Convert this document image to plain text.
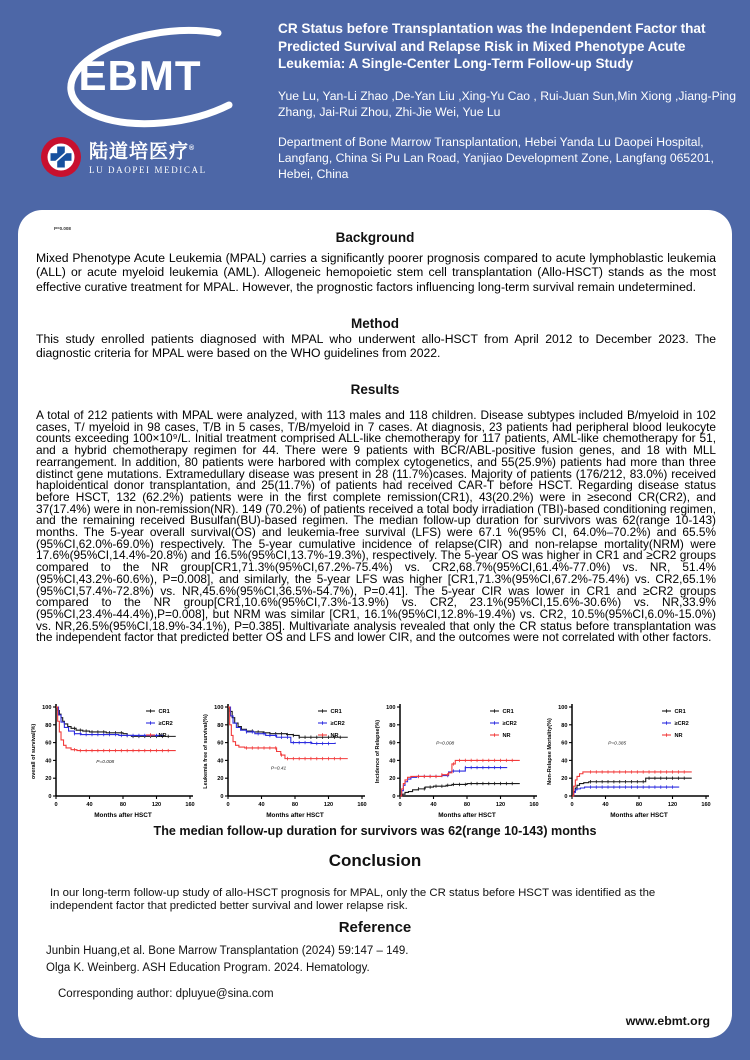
EBMT
陆道培医疗®
LU DAOPEI MEDICAL
CR Status before Transplantation was the Independent Factor that Predicted Survival and Relapse Risk in Mixed Phenotype Acute Leukemia: A Single-Center Long-Term Follow-up Study
Yue Lu, Yan-Li Zhao ,De-Yan Liu ,Xing-Yu Cao , Rui-Juan Sun,Min Xiong ,Jiang-Ping Zhang, Jai-Rui Zhou, Zhi-Jie Wei, Yue Lu
Department of Bone Marrow Transplantation, Hebei Yanda Lu Daopei Hospital, Langfang, China Si Pu Lan Road, Yanjiao Development Zone, Langfang 065201, Hebei, China
P=0.008
Background
Mixed Phenotype Acute Leukemia (MPAL) carries a significantly poorer prognosis compared to acute lymphoblastic leukemia (ALL) or acute myeloid leukemia (AML). Allogeneic hemopoietic stem cell transplantation (Allo-HSCT) stands as the most effective curative treatment for MPAL. However, the prognostic factors influencing long-term survival remain undetermined.
Method
This study enrolled patients diagnosed with MPAL who underwent allo-HSCT from April 2012 to December 2023. The diagnostic criteria for MPAL were based on the WHO guidelines from 2022.
Results
A total of 212 patients with MPAL were analyzed, with 113 males and 118 children. Disease subtypes included B/myeloid in 102 cases, T/ myeloid in 98 cases, T/B in 5 cases, T/B/myeloid in 7 cases. At diagnosis, 23 patients had peripheral blood leukocyte counts exceeding 100×10⁹/L. Initial treatment comprised ALL-like chemotherapy for 117 patients, AML-like chemotherapy for 51, and a hybrid chemotherapy regimen for 44. There were 9 patients with BCR/ABL-positive fusion genes, and 18 with MLL rearrangement. In addition, 80 patients were harbored with complex cytogenetics, and 55(25.9%) patients had more than three distinct gene mutations. Extramedullary disease was present in 28 (11.7%)cases. Majority of patients (176/212, 83.0%) received haploidentical donor transplantation, and 25(11.7%) of patients had received CAR-T before HSCT. Regarding disease status before HSCT, 132 (62.2%) patients were in the first complete remission(CR1), 43(20.2%) were in ≥second CR(CR2), and 37(17.4%) were in non-remission(NR). 149 (70.2%) of patients received a total body irradiation (TBI)-based conditioning regimen, and the remaining received Busulfan(BU)-based regimen. The median follow-up duration for survivors was 62(range 10-143) months. The 5-year overall survival(OS) and leukemia-free survival (LFS) were 67.1 %(95% CI, 64.0%–70.2%) and 65.5%(95%CI,62.0%-69.0%) respectively. The 5-year cumulative incidence of relapse(CIR) and non-relapse mortality(NRM) were 17.6%(95%CI,14.4%-20.8%) and 16.5%(95%CI,13.7%-19.3%), respectively. The 5-year OS was higher in CR1 and ≥CR2 groups compared to the NR group[CR1,71.3%(95%CI,67.2%-75.4%) vs. CR2,68.7%(95%CI,61.4%-77.0%) vs. NR, 51.4%(95%CI,43.2%-60.6%), P=0.008], and similarly, the 5-year LFS was higher [CR1,71.3%(95%CI,67.2%-75.4%) vs. CR2,65.1%(95%CI,57.4%-72.8%) vs. NR,45.6%(95%CI,36.5%-54.7%), P=0.41]. The 5-year CIR was lower in CR1 and ≥CR2 groups compared to the NR group[CR1,10.6%(95%CI,7.3%-13.9%) vs. CR2, 23.1%(95%CI,15.6%-30.6%) vs. NR,33.9%(95%CI,23.4%-44.4%),P=0.008], but NRM was similar [CR1, 16.1%(95%CI,12.8%-19.4%) vs. CR2, 10.5%(95%CI,6.0%-15.0%) vs. NR,26.5%(95%CI,18.9%-34.1%), P=0.385]. Multivariate analysis revealed that only the CR status before transplantation was the independent factor that predicted better OS and LFS and lower CIR, and the outcomes were not correlated with other factors.
0	40	80	120	160
0
20
40
60
80
100
overall of survival(%)
Months after HSCT
P=0.008
CR1
≥CR2
NR
0	40	80	120	160
0
20
40
60
80
100
Leukemia free of survival(%)
Months after HSCT
P=0.41
CR1
≥CR2
NR
0	40	80	120	160
0
20
40
60
80
100
Incidence of Relapse(%)
Months after HSCT
P=0.008
CR1
≥CR2
NR
0	40	80	120	160
0
20
40
60
80
100
Non-Relapse Mortality(%)
Months after HSCT
P=0.385
CR1
≥CR2
NR
The median follow-up duration for survivors was 62(range 10-143) months
Conclusion
In our long-term follow-up study of allo-HSCT prognosis for MPAL, only the CR status before HSCT was identified as the independent factor that predicted better survival and lower relapse risk.
Reference
Junbin Huang,et al. Bone Marrow Transplantation (2024) 59:147 – 149.
Olga K. Weinberg. ASH Education Program. 2024. Hematology.
Corresponding author: dpluyue@sina.com
www.ebmt.org
